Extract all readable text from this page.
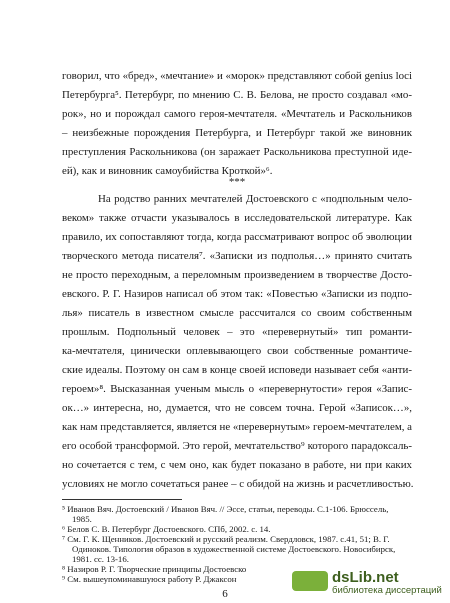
говорил, что «бред», «мечтание» и «морок» представляют собой genius loci
Петербурга⁵. Петербург, по мнению С. В. Белова, не просто создавал «мо-
рок», но и порождал самого героя-мечтателя. «Мечтатель и Раскольников
– неизбежные порождения Петербурга, и Петербург такой же виновник
преступления Раскольникова (он заражает Раскольникова преступной иде-
ей), как и виновник самоубийства Кроткой»⁶.
***
На родство ранних мечтателей Достоевского с «подпольным чело-
веком» также отчасти указывалось в исследовательской литературе. Как
правило, их сопоставляют тогда, когда рассматривают вопрос об эволюции
творческого метода писателя⁷. «Записки из подполья…» принято считать
не просто переходным, а переломным произведением в творчестве Досто-
евского. Р. Г. Назиров написал об этом так: «Повестью «Записки из подпо-
лья» писатель в известном смысле рассчитался со своим собственным
прошлым. Подпольный человек – это «перевернутый» тип романти-
ка-мечтателя, цинически оплевывающего свои собственные романтиче-
ские идеалы. Поэтому он сам в конце своей исповеди называет себя «анти-
героем»⁸. Высказанная ученым мысль о «перевернутости» героя «Запис-
ок…» интересна, но, думается, что не совсем точна. Герой «Записок…»,
как нам представляется, является не «перевернутым» героем-мечтателем, а
его особой трансформой. Это герой, мечтательство⁹ которого парадоксаль-
но сочетается с тем, с чем оно, как будет показано в работе, ни при каких
условиях не могло сочетаться ранее – с обидой на жизнь и расчетливостью.
⁵ Иванов Вяч. Достоевский / Иванов Вяч. // Эссе, статьи, переводы. С.1-106. Брюссель,
1985.
⁶ Белов С. В. Петербург Достоевского. СПб, 2002. с. 14.
⁷ См. Г. К. Щенников. Достоевский и русский реализм. Свердловск, 1987. с.41, 51; В. Г.
Одиноков. Типология образов в художественной системе Достоевского. Новосибирск,
1981. сс. 13-16.
⁸ Назиров Р. Г. Творческие принципы Достоевско
⁹ См. вышеупоминавшуюся работу Р. Джаксон
6
dsLib.net
библиотека диссертаций
